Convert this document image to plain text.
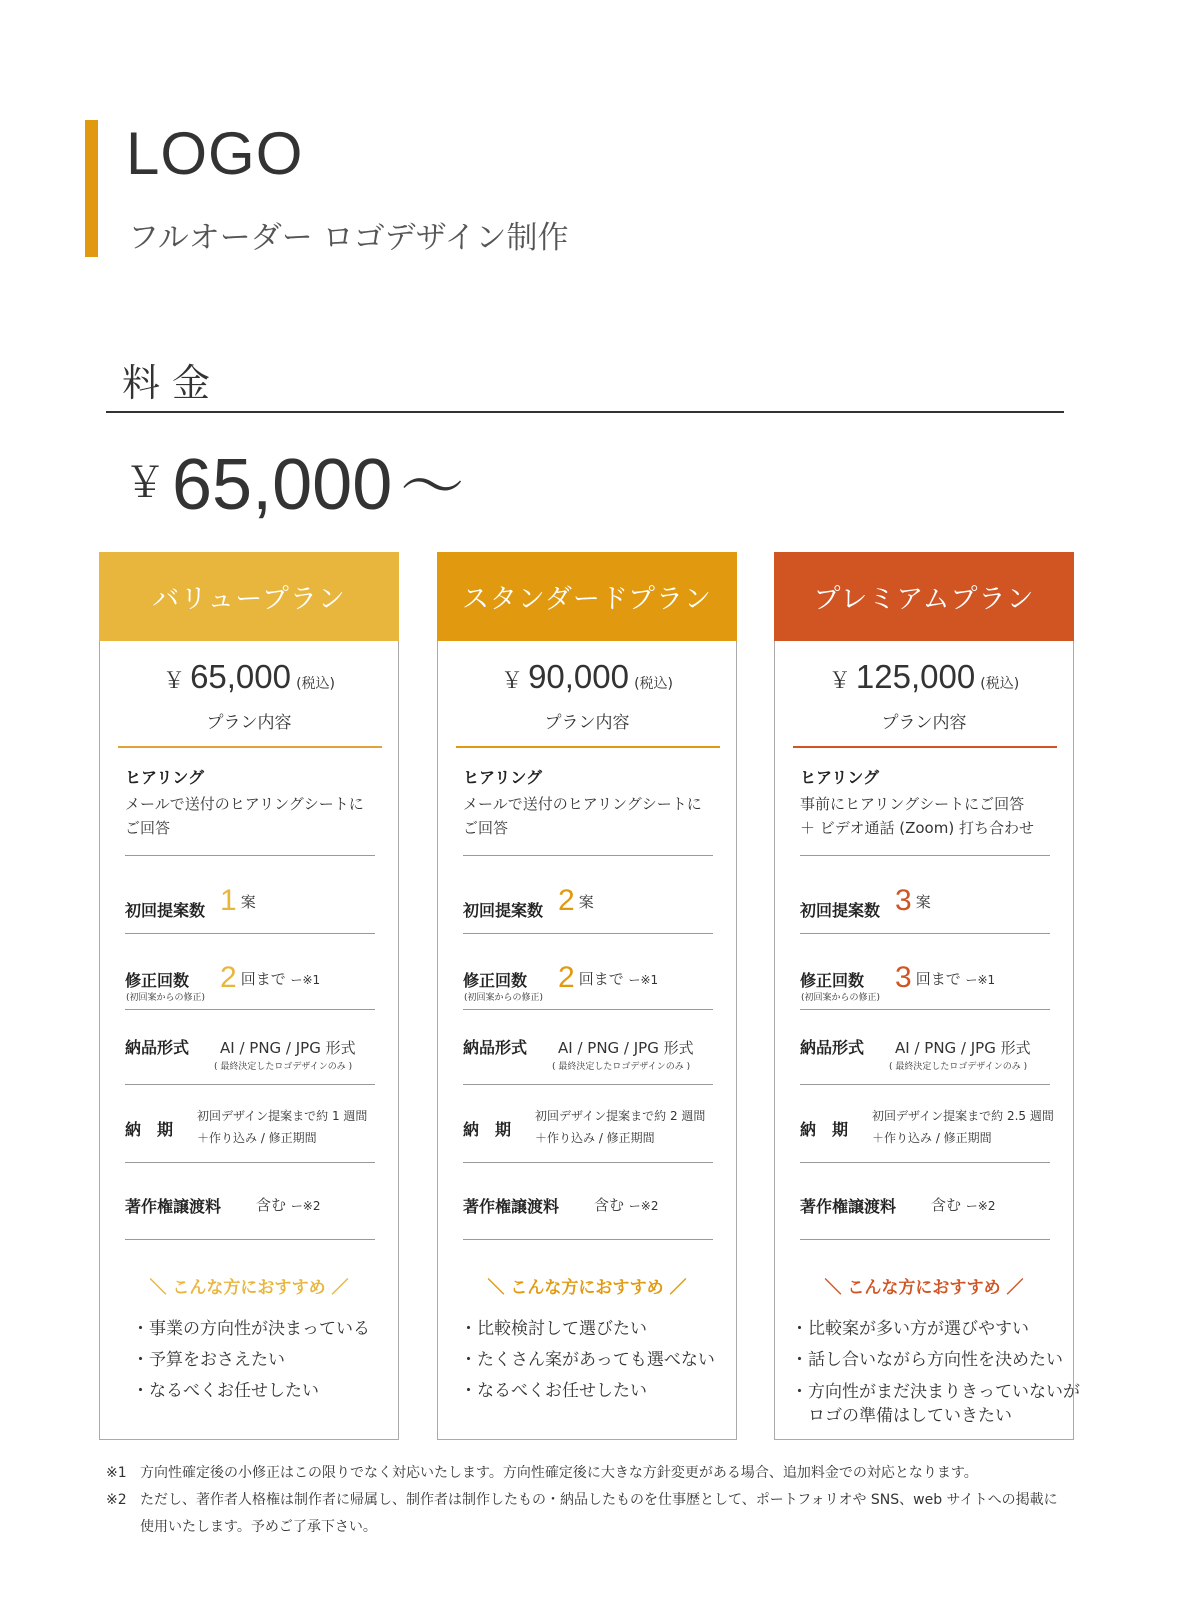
LOGO
フルオーダー ロゴデザイン制作
料金
￥65,000 〜
バリュープラン
￥ 65,000 (税込)
プラン内容
ヒアリング
メールで送付のヒアリングシートに
ご回答
初回提案数 1 案
修正回数
(初回案からの修正)
2 回まで ー※1
納品形式 AI / PNG / JPG 形式
( 最終決定したロゴデザインのみ )
納　期
初回デザイン提案まで約 1 週間
＋作り込み / 修正期間
著作権譲渡料 含む ー※2
＼ こんな方におすすめ ／
・事業の方向性が決まっている
・予算をおさえたい
・なるべくお任せしたい
スタンダードプラン
￥ 90,000 (税込)
プラン内容
ヒアリング
メールで送付のヒアリングシートに
ご回答
初回提案数 2 案
修正回数
(初回案からの修正)
2 回まで ー※1
納品形式 AI / PNG / JPG 形式
( 最終決定したロゴデザインのみ )
納　期
初回デザイン提案まで約 2 週間
＋作り込み / 修正期間
著作権譲渡料 含む ー※2
＼ こんな方におすすめ ／
・比較検討して選びたい
・たくさん案があっても選べない
・なるべくお任せしたい
プレミアムプラン
￥ 125,000 (税込)
プラン内容
ヒアリング
事前にヒアリングシートにご回答
＋ ビデオ通話 (Zoom) 打ち合わせ
初回提案数 3 案
修正回数
(初回案からの修正)
3 回まで ー※1
納品形式 AI / PNG / JPG 形式
( 最終決定したロゴデザインのみ )
納　期
初回デザイン提案まで約 2.5 週間
＋作り込み / 修正期間
著作権譲渡料 含む ー※2
＼ こんな方におすすめ ／
・比較案が多い方が選びやすい
・話し合いながら方向性を決めたい
・方向性がまだ決まりきっていないが
　ロゴの準備はしていきたい
※1 方向性確定後の小修正はこの限りでなく対応いたします。方向性確定後に大きな方針変更がある場合、追加料金での対応となります。
※2 ただし、著作者人格権は制作者に帰属し、制作者は制作したもの・納品したものを仕事歴として、ポートフォリオや SNS、web サイトへの掲載に
使用いたします。予めご了承下さい。
